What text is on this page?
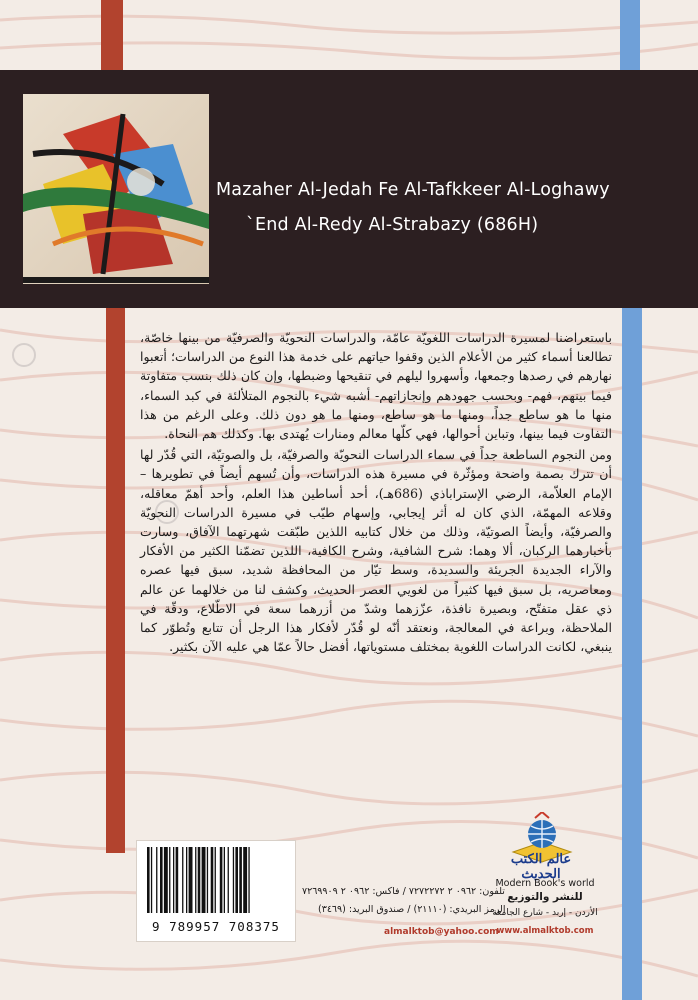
Mazaher Al-Jedah Fe Al-Tafkkeer Al-Loghawy
`End Al-Redy Al-Strabazy (686H)

باستعراضنا لمسيرة الدراسات اللغويّة عامّة، والدراسات النحويّة والصرفيّة من بينها خاصّة، تطالعنا أسماء كثير من الأعلام الذين وقفوا حياتهم على خدمة هذا النوع من الدراسات؛ أتعبوا نهارهم في رصدها وجمعها، وأسهروا ليلهم في تنقيحها وضبطها، وإن كان ذلك بنسب متفاوتة فيما بينهم، فهم- وبحسب جهودهم وإنجازاتهم- أشبه شيء بالنجوم المتلألئة في كبد السماء، منها ما هو ساطع جداً، ومنها ما هو ساطع، ومنها ما هو دون ذلك. وعلى الرغم من هذا التفاوت فيما بينها، وتباين أحوالها، فهي كلّها معالم ومنارات يُهتدى بها. وكذلك هم النحاة.

ومن النجوم الساطعة جداً في سماء الدراسات النحويّة والصرفيّة، بل والصوتيّة، التي قُدّر لها أن تترك بصمة واضحة ومؤثّرة في مسيرة هذه الدراسات، وأن تُسهم أيضاً في تطويرها – الإمام العلاّمة، الرضي الإستراباذي (686هـ)، أحد أساطين هذا العلم، وأحد أهمّ معاقله، وقلاعه المهمّة، الذي كان له أثر إيجابي، وإسهام طيّب في مسيرة الدراسات النحويّة والصرفيّة، وأيضاً الصوتيّة، وذلك من خلال كتابيه اللذين طبّقت شهرتهما الآفاق، وسارت بأخبارهما الركبان، ألا وهما: شرح الشافية، وشرح الكافية، اللذين تضمّنا الكثير من الأفكار والآراء الجديدة الجريئة والسديدة، وسط تيّار من المحافظة شديد، سبق فيها عصره ومعاصريه، بل سبق فيها كثيراً من لغويي العصر الحديث، وكشف لنا من خلالهما عن عالم ذي عقل متفتّح، وبصيرة نافذة، عزّزهما وشدّ من أزرهما سعة في الاطّلاع، ودقّة في الملاحظة، وبراعة في المعالجة، ونعتقد أنّه لو قُدّر لأفكار هذا الرجل أن تتابع وتُطوّر كما ينبغي، لكانت الدراسات اللغوية بمختلف مستوياتها، أفضل حالاً عمّا هي عليه الآن بكثير.

9 789957 708375
تلفون: ٠٩٦٢ ٢ ٧٢٧٢٢٧٢ / فاكس: ٠٩٦٢ ٢ ٧٢٦٩٩٠٩
الرمز البريدي: (٢١١١٠) / صندوق البريد: (٣٤٦٩)
almalktob@yahoo.com
عالم الكتب الحديث
Modern Book's world
للنشر والتوزيع
الأردن - إربد - شارع الجامعة
www.almalktob.com
